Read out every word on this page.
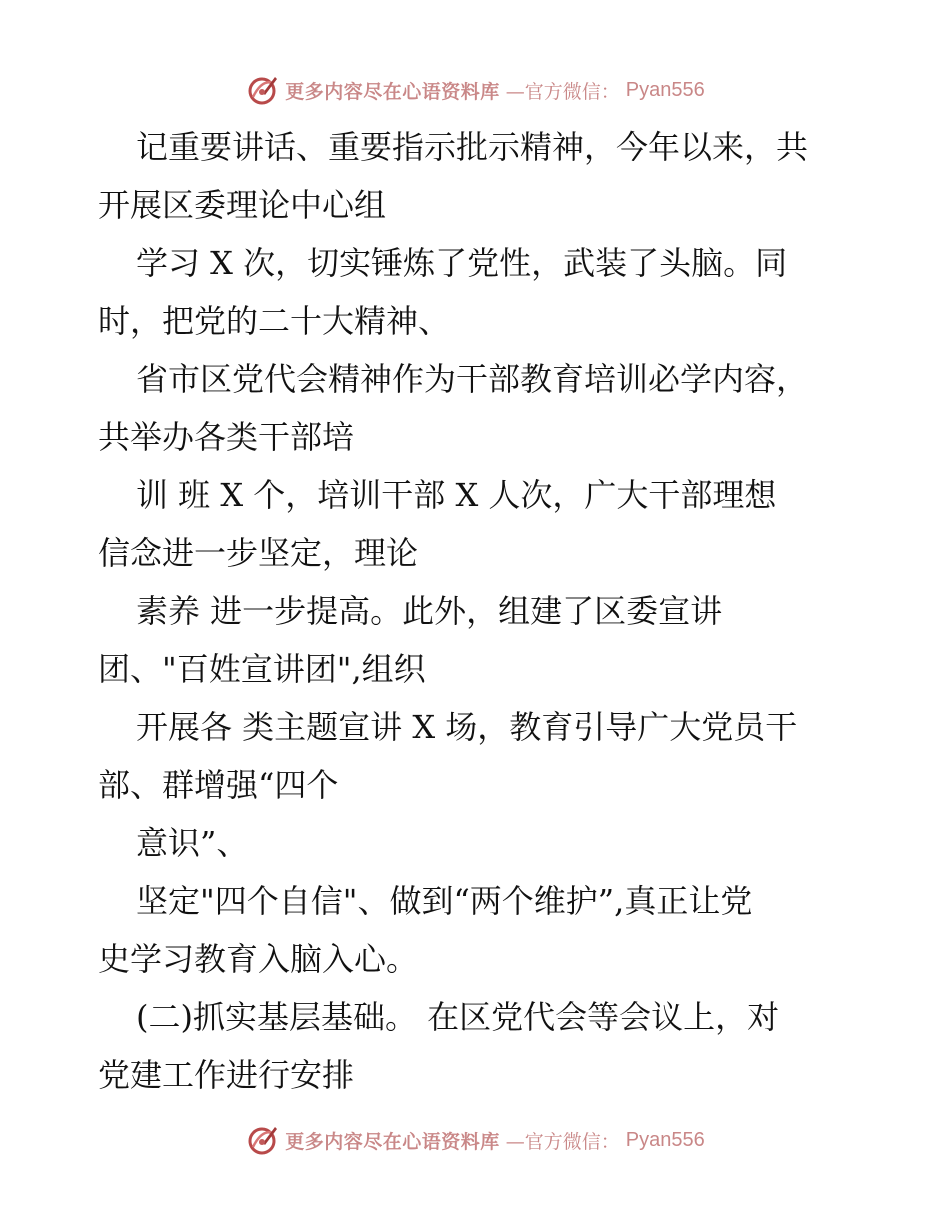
更多内容尽在心语资料库 —官方微信： Pyan556
记重要讲话、重要指示批示精神，今年以来，共
开展区委理论中心组
学习 X 次，切实锤炼了党性，武装了头脑。同
时，把党的二十大精神、
省市区党代会精神作为干部教育培训必学内容，
共举办各类干部培
训 班 X 个，培训干部 X 人次，广大干部理想
信念进一步坚定，理论
素养 进一步提高。此外，组建了区委宣讲
团、"百姓宣讲团",组织
开展各 类主题宣讲 X 场，教育引导广大党员干
部、群增强“四个
意识”、
坚定"四个自信"、做到“两个维护”,真正让党
史学习教育入脑入心。
(二)抓实基层基础。 在区党代会等会议上，对
党建工作进行安排
更多内容尽在心语资料库 —官方微信： Pyan556
